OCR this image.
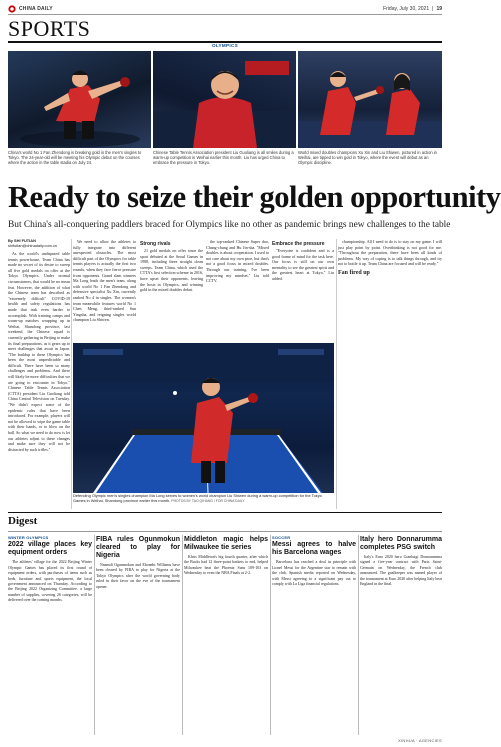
CHINA DAILY	Friday, July 30, 2021 | 19
SPORTS
OLYMPICS
China's world No 1 Fan Zhendong is breaking gold in the men's singles to Tokyo. The 24-year-old will be meeting his Olympic debut on the courses where the action in the table stadia on July 24.
Chinese Table Tennis Association president Liu Guoliang is all smiles during a warm-up competition in Weihai earlier this month. Liu has urged China to embrace the pressure in Tokyo.
World mixed doubles champions Xu Xin and Liu Shiwen, pictured in action in Weihai, are tipped to win gold in Tokyo, where the event will debut as an Olympic discipline.
Ready to seize their golden opportunity
But China's all-conquering paddlers braced for Olympics like no other as pandemic brings new challenges to the table
By SHI FUTIAN
shifutian@chinadaily.com.cn

As the world's undisputed table tennis powerhouse, Team China has made no secret of its desire to sweep all five gold medals on offer at the Tokyo Olympics. Under normal circumstances, that would be no mean feat. However, the addition of what the Chinese team has described as "extremely difficult" COVID-19 health and safety regulations has made that task even harder to accomplish. With training camps and warm-up matches wrapping up in Weihai, Shandong province, last weekend, the Chinese squad is currently gathering in Beijing to make its final preparations, as it gears up to meet challenges that await in Japan. "The buildup to these Olympics has been the most unpredictable and difficult. There have been so many challenges and problems. And there will likely be more difficulties that we are going to encounter in Tokyo," Chinese Table Tennis Association (CTTA) president Liu Guoliang told China Central Television on Tuesday. "We didn't expect some of the epidemic rules that have been introduced. For example, players will not be allowed to wipe the game table with their hands, or to blow on the ball. So what we need to do now is let our athletes adjust to these changes and make sure they will not be distracted by such trifles."

We need to allow the athletes to fully integrate into different unexpected obstacles. The most difficult part of the Olympics for table tennis players is actually the first two rounds, when they face fierce pressure from opponents. Grand slam winners Ma Long leads the men's team, along with world No 1 Fan Zhendong and defensive specialist Xu Xin, currently ranked No 4 in singles. The women's team meanwhile features world No 1 Chen Meng, third-ranked Sun Yingsha, and reigning singles world champion Liu Shiwen.

Strong rivals

21 gold medals on offer since the sport debuted at the Seoul Games in 1988, including three straight clean sweeps. Team China, which used the CTTA's first selection scheme in 2016, have upset their opponents, leaving the hosts in Olympics, and winning gold in the mixed doubles debut.

the top-ranked Chinese Super duo, Chang-chung and Hu Jin-sha. "Mixed doubles is about cooperation. I used to not care about my own pace, but that's not a good focus in mixed doubles. Through our training, I've been improving my mindset," Liu told CCTV.

Embrace the pressure

"Everyone is confident and is a good frame of mind for the task here. Our focus is still on our own mentality to see the greatest spirit and the greatest heart at Tokyo," Liu added.

championship. All I need to do is to stay on my game. I will just play point by point. Overthinking is not good for me. "Throughout the preparation, there have been all kinds of problems. My way of coping is to talk things through, and try not to bottle it up. Team China are focused and will be ready."

Fan fired up
Defending Olympic men's singles champion Ma Long serves to women's world champion Liu Shiwen during a warm-up competition for the Tokyo Games in Weihai, Shandong province earlier this month. PHOTOS BY TAO QIHANG / FOR CHINA DAILY
Digest
WINTER OLYMPICS
2022 village places key equipment orders

The athletes' village for the 2022 Beijing Winter Olympic Games has placed its first round of equipment orders, with purchases of items such as beds, furniture and sports equipment, the local government announced on Thursday. According to the Beijing 2022 Organizing Committee, a large number of supplies, covering 26 categories, will be delivered over the coming months.

FIBA rules Ogunmokun cleared to play for Nigeria

Nnamdi Ogunmokun and Ebonehi Williams have been cleared by FIBA to play for Nigeria at the Tokyo Olympics after the world governing body ruled in their favor on the eve of the tournament opener.

Middleton magic helps Milwaukee tie series

Khris Middleton's big fourth quarter, after which the Bucks had 12 three-point baskets to end, helped Milwaukee beat the Phoenix Suns 109-103 on Wednesday to even the NBA Finals at 2-2.

SOCCER
Messi agrees to halve his Barcelona wages

Barcelona has reached a deal in principle with Lionel Messi for the Argentine star to remain with the club, Spanish media reported on Wednesday, with Messi agreeing to a significant pay cut to comply with La Liga financial regulations.

Italy hero Donnarumma completes PSG switch

Italy's Euro 2020 hero Gianluigi Donnarumma signed a five-year contract with Paris Saint-Germain on Wednesday, the French club announced. The goalkeeper was named player of the tournament at Euro 2020 after helping Italy beat England in the final.

XINHUA · AGENCIES
